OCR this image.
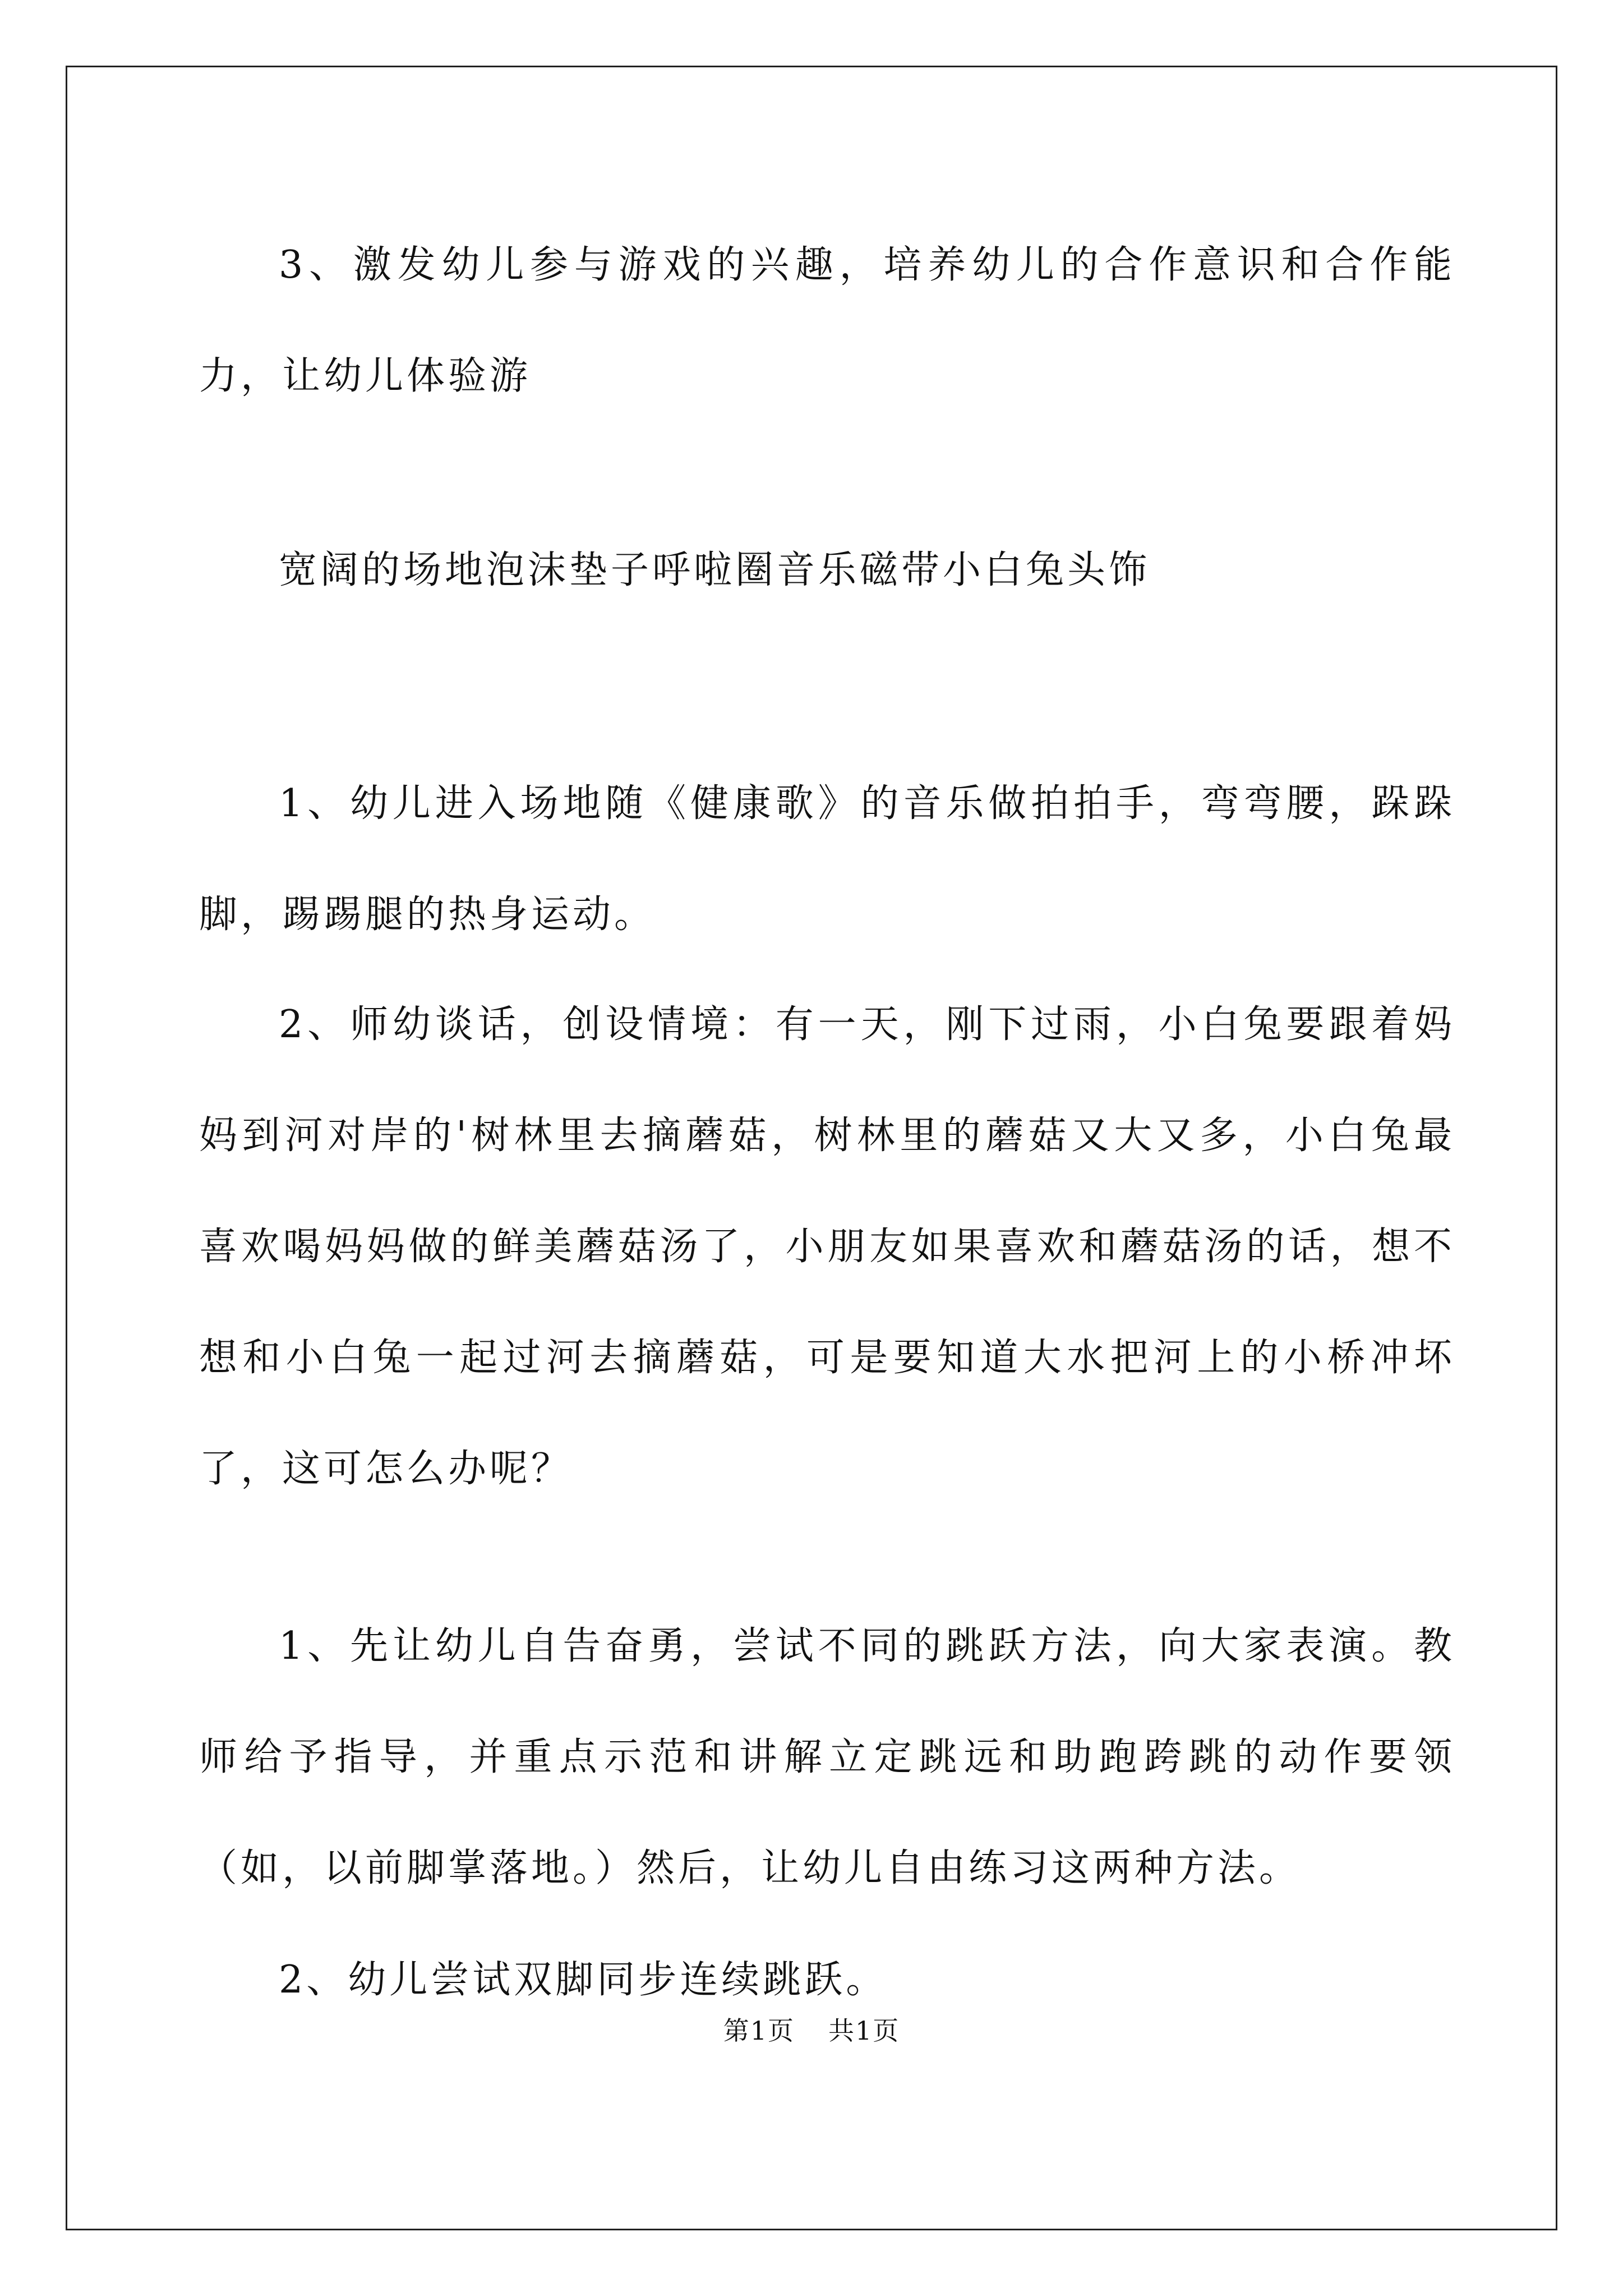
3、激发幼儿参与游戏的兴趣，培养幼儿的合作意识和合作能力，让幼儿体验游

宽阔的场地泡沫垫子呼啦圈音乐磁带小白兔头饰

1、幼儿进入场地随《健康歌》的音乐做拍拍手，弯弯腰，跺跺脚，踢踢腿的热身运动。

2、师幼谈话，创设情境：有一天，刚下过雨，小白兔要跟着妈妈到河对岸的'树林里去摘蘑菇，树林里的蘑菇又大又多，小白兔最喜欢喝妈妈做的鲜美蘑菇汤了，小朋友如果喜欢和蘑菇汤的话，想不想和小白兔一起过河去摘蘑菇，可是要知道大水把河上的小桥冲坏了，这可怎么办呢？

1、先让幼儿自告奋勇，尝试不同的跳跃方法，向大家表演。教师给予指导，并重点示范和讲解立定跳远和助跑跨跳的动作要领（如，以前脚掌落地。）然后，让幼儿自由练习这两种方法。

2、幼儿尝试双脚同步连续跳跃。

第1页 共1页
